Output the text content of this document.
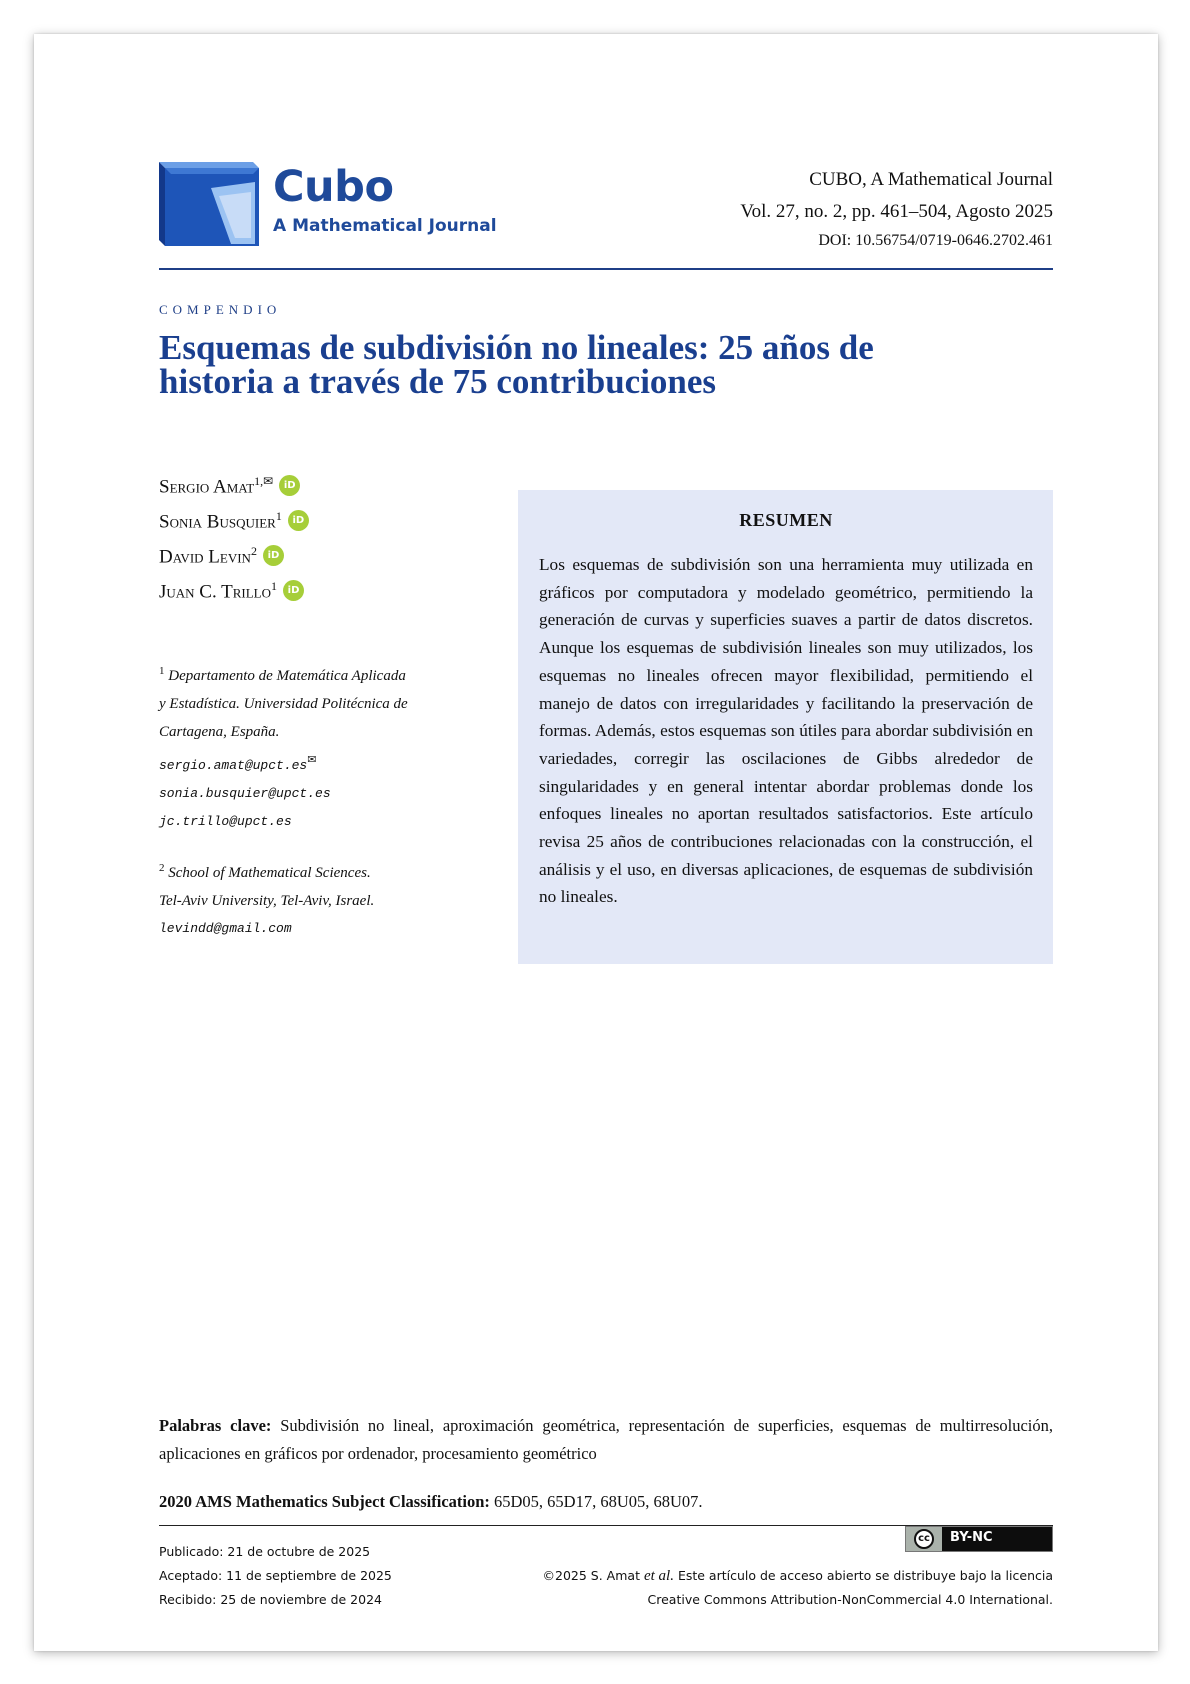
Cubo
A Mathematical Journal
CUBO, A Mathematical Journal
Vol. 27, no. 2, pp. 461–504, Agosto 2025
DOI: 10.56754/0719-0646.2702.461
COMPENDIO
Esquemas de subdivisión no lineales: 25 años de
historia a través de 75 contribuciones
Sergio Amat$^{1,✉}$ iD
Sonia Busquier$^1$ iD
David Levin$^2$ iD
Juan C. Trillo$^1$ iD
$^1$ Departamento de Matemática Aplicada
y Estadística. Universidad Politécnica de
Cartagena, España.
sergio.amat@upct.es✉
sonia.busquier@upct.es
jc.trillo@upct.es
$^2$ School of Mathematical Sciences.
Tel-Aviv University, Tel-Aviv, Israel.
levindd@gmail.com
RESUMEN

Los esquemas de subdivisión son una herramienta muy utilizada en gráficos por computadora y modelado geométrico, permitiendo la generación de curvas y superficies suaves a partir de datos discretos. Aunque los esquemas de subdivisión lineales son muy utilizados, los esquemas no lineales ofrecen mayor flexibilidad, permitiendo el manejo de datos con irregularidades y facilitando la preservación de formas. Además, estos esquemas son útiles para abordar subdivisión en variedades, corregir las oscilaciones de Gibbs alrededor de singularidades y en general intentar abordar problemas donde los enfoques lineales no aportan resultados satisfactorios. Este artículo revisa 25 años de contribuciones relacionadas con la construcción, el análisis y el uso, en diversas aplicaciones, de esquemas de subdivisión no lineales.

Palabras clave: Subdivisión no lineal, aproximación geométrica, representación de superficies, esquemas de multirresolución, aplicaciones en gráficos por ordenador, procesamiento geométrico
2020 AMS Mathematics Subject Classification: 65D05, 65D17, 68U05, 68U07.
cc	BY-NC
Publicado: 21 de octubre de 2025
Aceptado: 11 de septiembre de 2025
Recibido: 25 de noviembre de 2024
©2025 S. Amat et al. Este artículo de acceso abierto se distribuye bajo la licencia
Creative Commons Attribution-NonCommercial 4.0 International.
